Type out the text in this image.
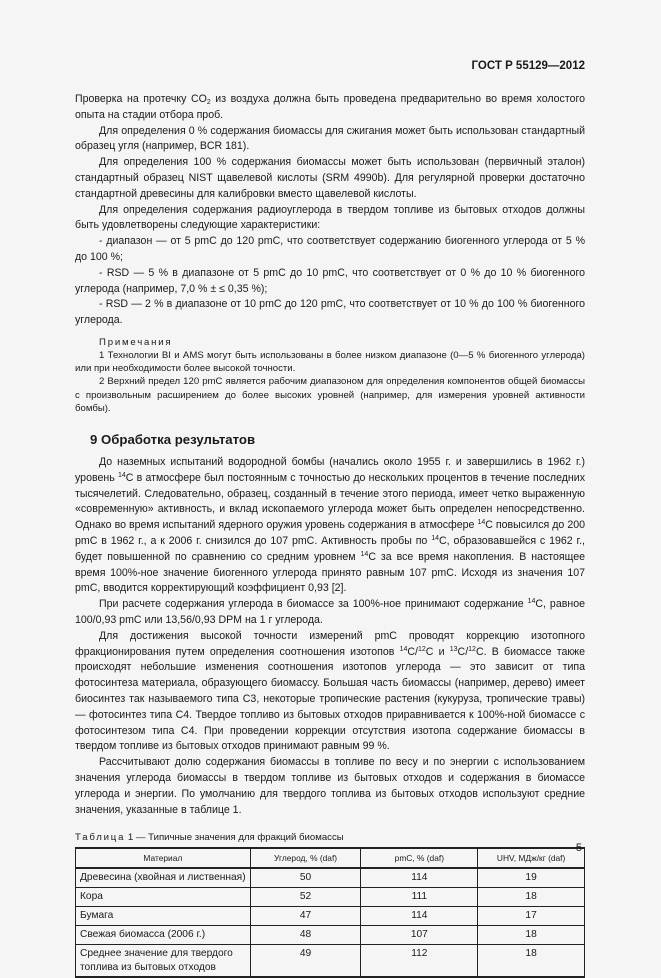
ГОСТ Р 55129—2012

Проверка на протечку $CO_2$ из воздуха должна быть проведена предварительно во время холостого опыта на стадии отбора проб.

Для определения 0 % содержания биомассы для сжигания может быть использован стандартный образец угля (например, BCR 181).

Для определения 100 % содержания биомассы может быть использован (первичный эталон) стандартный образец NIST щавелевой кислоты (SRM 4990b). Для регулярной проверки достаточно стандартной древесины для калибровки вместо щавелевой кислоты.

Для определения содержания радиоуглерода в твердом топливе из бытовых отходов должны быть удовлетворены следующие характеристики:

- диапазон — от 5 pmC до 120 pmC, что соответствует содержанию биогенного углерода от 5 % до 100 %;

- RSD — 5 % в диапазоне от 5 pmC до 10 pmC, что соответствует от 0 % до 10 % биогенного углерода (например, 7,0 % ± ≤ 0,35 %);

- RSD — 2 % в диапазоне от 10 pmC до 120 pmC, что соответствует от 10 % до 100 % биогенного углерода.

Примечания

1 Технологии BI и AMS могут быть использованы в более низком диапазоне (0—5 % биогенного углерода) или при необходимости более высокой точности.

2 Верхний предел 120 pmC является рабочим диапазоном для определения компонентов общей биомассы с произвольным расширением до более высоких уровней (например, для измерения уровней активности бомбы).

9 Обработка результатов

До наземных испытаний водородной бомбы (начались около 1955 г. и завершились в 1962 г.) уровень $^{14}$C в атмосфере был постоянным с точностью до нескольких процентов в течение последних тысячелетий. Следовательно, образец, созданный в течение этого периода, имеет четко выраженную «современную» активность, и вклад ископаемого углерода может быть определен непосредственно. Однако во время испытаний ядерного оружия уровень содержания в атмосфере $^{14}$C повысился до 200 pmC в 1962 г., а к 2006 г. снизился до 107 pmC. Активность пробы по $^{14}$C, образовавшейся с 1962 г., будет повышенной по сравнению со средним уровнем $^{14}$C за все время накопления. В настоящее время 100%-ное значение биогенного углерода принято равным 107 pmC. Исходя из значения 107 pmC, вводится корректирующий коэффициент 0,93 [2].

При расчете содержания углерода в биомассе за 100%-ное принимают содержание $^{14}$C, равное 100/0,93 pmC или 13,56/0,93 DPM на 1 г углерода.

Для достижения высокой точности измерений pmC проводят коррекцию изотопного фракционирования путем определения соотношения изотопов $^{14}$C/$^{12}$C и $^{13}$C/$^{12}$C. В биомассе также происходят небольшие изменения соотношения изотопов углерода — это зависит от типа фотосинтеза материала, образующего биомассу. Большая часть биомассы (например, дерево) имеет биосинтез так называемого типа C3, некоторые тропические растения (кукуруза, тропические травы) — фотосинтез типа C4. Твердое топливо из бытовых отходов приравнивается к 100%-ной биомассе с фотосинтезом типа C4. При проведении коррекции отсутствия изотопа содержание биомассы в твердом топливе из бытовых отходов принимают равным 99 %.

Рассчитывают долю содержания биомассы в топливе по весу и по энергии с использованием значения углерода биомассы в твердом топливе из бытовых отходов и содержания в биомассе углерода и энергии. По умолчанию для твердого топлива из бытовых отходов используют средние значения, указанные в таблице 1.

Таблица 1 — Типичные значения для фракций биомассы
Материал	Углерод, % (daf)	pmC, % (daf)	UHV, МДж/кг (daf)
Древесина (хвойная и лиственная)	50	114	19
Кора	52	111	18
Бумага	47	114	17
Свежая биомасса (2006 г.)	48	107	18
Среднее значение для твердого топлива из бытовых отходов	49	112	18
5
